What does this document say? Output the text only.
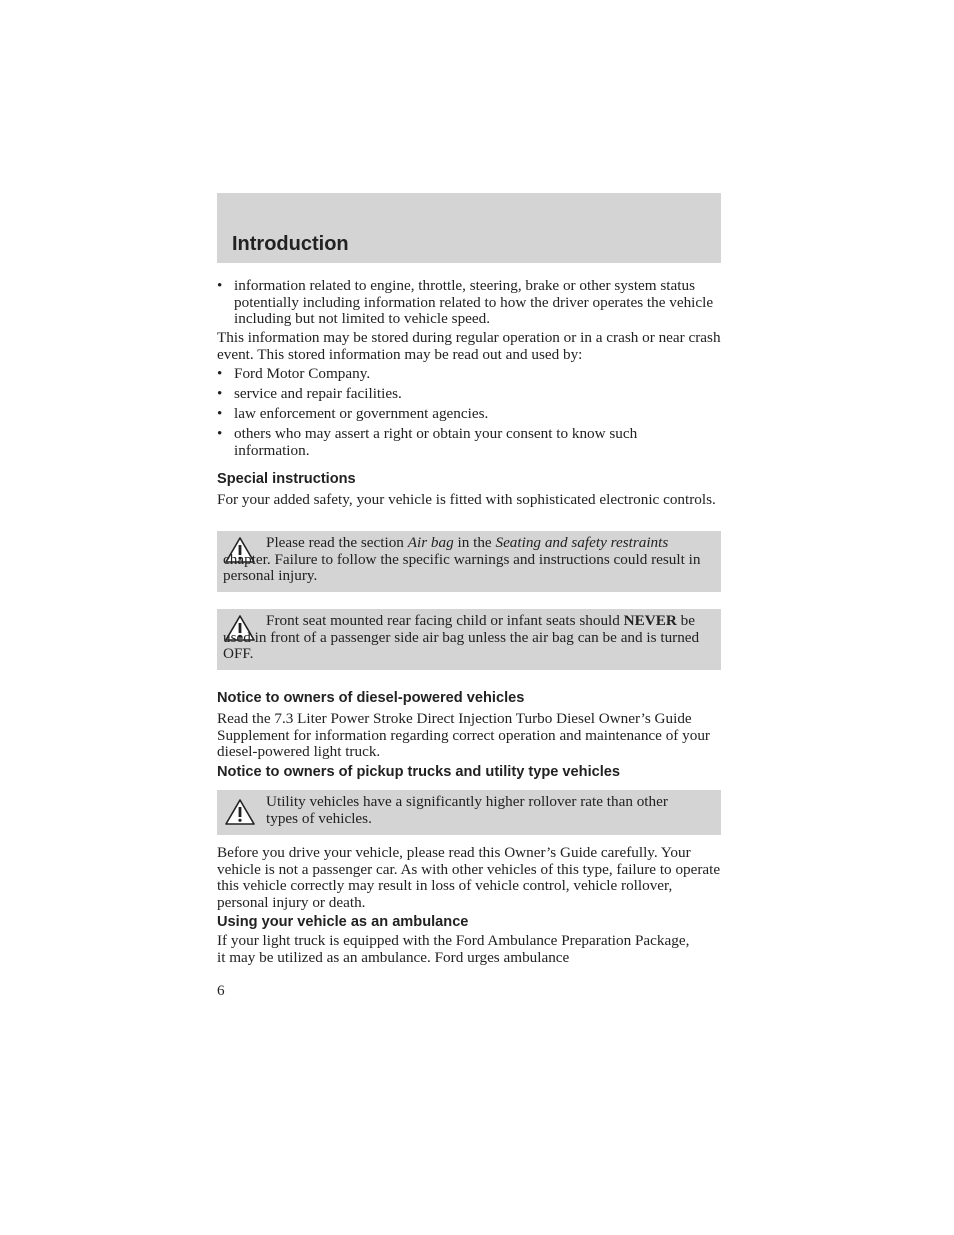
Introduction
• information related to engine, throttle, steering, brake or other system status potentially including information related to how the driver operates the vehicle including but not limited to vehicle speed.
This information may be stored during regular operation or in a crash or near crash event. This stored information may be read out and used by:
• Ford Motor Company.
• service and repair facilities.
• law enforcement or government agencies.
• others who may assert a right or obtain your consent to know such information.
Special instructions
For your added safety, your vehicle is fitted with sophisticated electronic controls.
Notice to owners of diesel-powered vehicles
Read the 7.3 Liter Power Stroke Direct Injection Turbo Diesel Owner’s Guide Supplement for information regarding correct operation and maintenance of your diesel-powered light truck.
Notice to owners of pickup trucks and utility type vehicles
Before you drive your vehicle, please read this Owner’s Guide carefully. Your vehicle is not a passenger car. As with other vehicles of this type, failure to operate this vehicle correctly may result in loss of vehicle control, vehicle rollover, personal injury or death.
Using your vehicle as an ambulance
If your light truck is equipped with the Ford Ambulance Preparation Package, it may be utilized as an ambulance. Ford urges ambulance
6
Please read the section Air bag in the Seating and safety restraints chapter. Failure to follow the specific warnings and instructions could result in personal injury.
Front seat mounted rear facing child or infant seats should NEVER be used in front of a passenger side air bag unless the air bag can be and is turned OFF.
Utility vehicles have a significantly higher rollover rate than other types of vehicles.
